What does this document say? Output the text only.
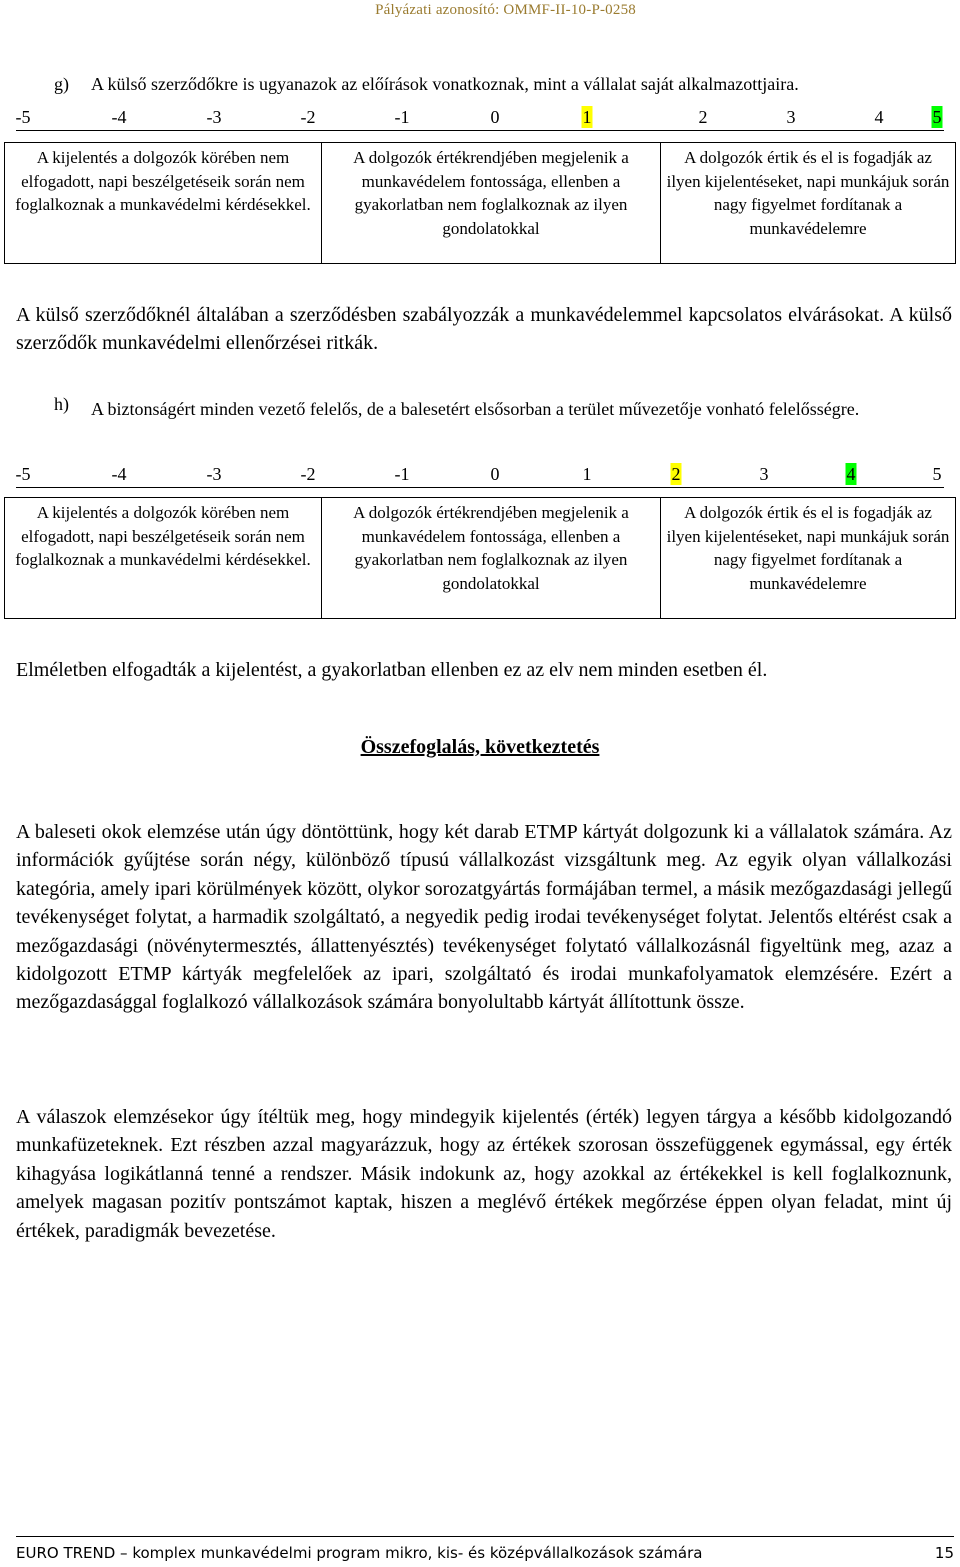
Pályázati azonosító: OMMF-II-10-P-0258
g) A külső szerződőkre is ugyanazok az előírások vonatkoznak, mint a vállalat saját alkalmazottjaira.
-5	-4	-3	-2	-1	0	1	2	3	4	5
A kijelentés a dolgozók körében nem elfogadott, napi beszélgetéseik során nem foglalkoznak a munkavédelmi kérdésekkel.
A dolgozók értékrendjében megjelenik a munkavédelem fontossága, ellenben a gyakorlatban nem foglalkoznak az ilyen gondolatokkal
A dolgozók értik és el is fogadják az ilyen kijelentéseket, napi munkájuk során nagy figyelmet fordítanak a munkavédelemre
A külső szerződőknél általában a szerződésben szabályozzák a munkavédelemmel kapcsolatos elvárásokat. A külső szerződők munkavédelmi ellenőrzései ritkák.
h) A biztonságért minden vezető felelős, de a balesetért elsősorban a terület művezetője vonható felelősségre.
-5	-4	-3	-2	-1	0	1	2	3	4	5
A kijelentés a dolgozók körében nem elfogadott, napi beszélgetéseik során nem foglalkoznak a munkavédelmi kérdésekkel.
A dolgozók értékrendjében megjelenik a munkavédelem fontossága, ellenben a gyakorlatban nem foglalkoznak az ilyen gondolatokkal
A dolgozók értik és el is fogadják az ilyen kijelentéseket, napi munkájuk során nagy figyelmet fordítanak a munkavédelemre
Elméletben elfogadták a kijelentést, a gyakorlatban ellenben ez az elv nem minden esetben él.
Összefoglalás, következtetés
A baleseti okok elemzése után úgy döntöttünk, hogy két darab ETMP kártyát dolgozunk ki a vállalatok számára. Az információk gyűjtése során négy, különböző típusú vállalkozást vizsgáltunk meg. Az egyik olyan vállalkozási kategória, amely ipari körülmények között, olykor sorozatgyártás formájában termel, a másik mezőgazdasági jellegű tevékenységet folytat, a harmadik szolgáltató, a negyedik pedig irodai tevékenységet folytat. Jelentős eltérést csak a mezőgazdasági (növénytermesztés, állattenyésztés) tevékenységet folytató vállalkozásnál figyeltünk meg, azaz a kidolgozott ETMP kártyák megfelelőek az ipari, szolgáltató és irodai munkafolyamatok elemzésére. Ezért a mezőgazdasággal foglalkozó vállalkozások számára bonyolultabb kártyát állítottunk össze.
A válaszok elemzésekor úgy ítéltük meg, hogy mindegyik kijelentés (érték) legyen tárgya a később kidolgozandó munkafüzeteknek. Ezt részben azzal magyarázzuk, hogy az értékek szorosan összefüggenek egymással, egy érték kihagyása logikátlanná tenné a rendszer. Másik indokunk az, hogy azokkal az értékekkel is kell foglalkoznunk, amelyek magasan pozitív pontszámot kaptak, hiszen a meglévő értékek megőrzése éppen olyan feladat, mint új értékek, paradigmák bevezetése.
EURO TREND – komplex munkavédelmi program mikro, kis- és középvállalkozások számára	15
